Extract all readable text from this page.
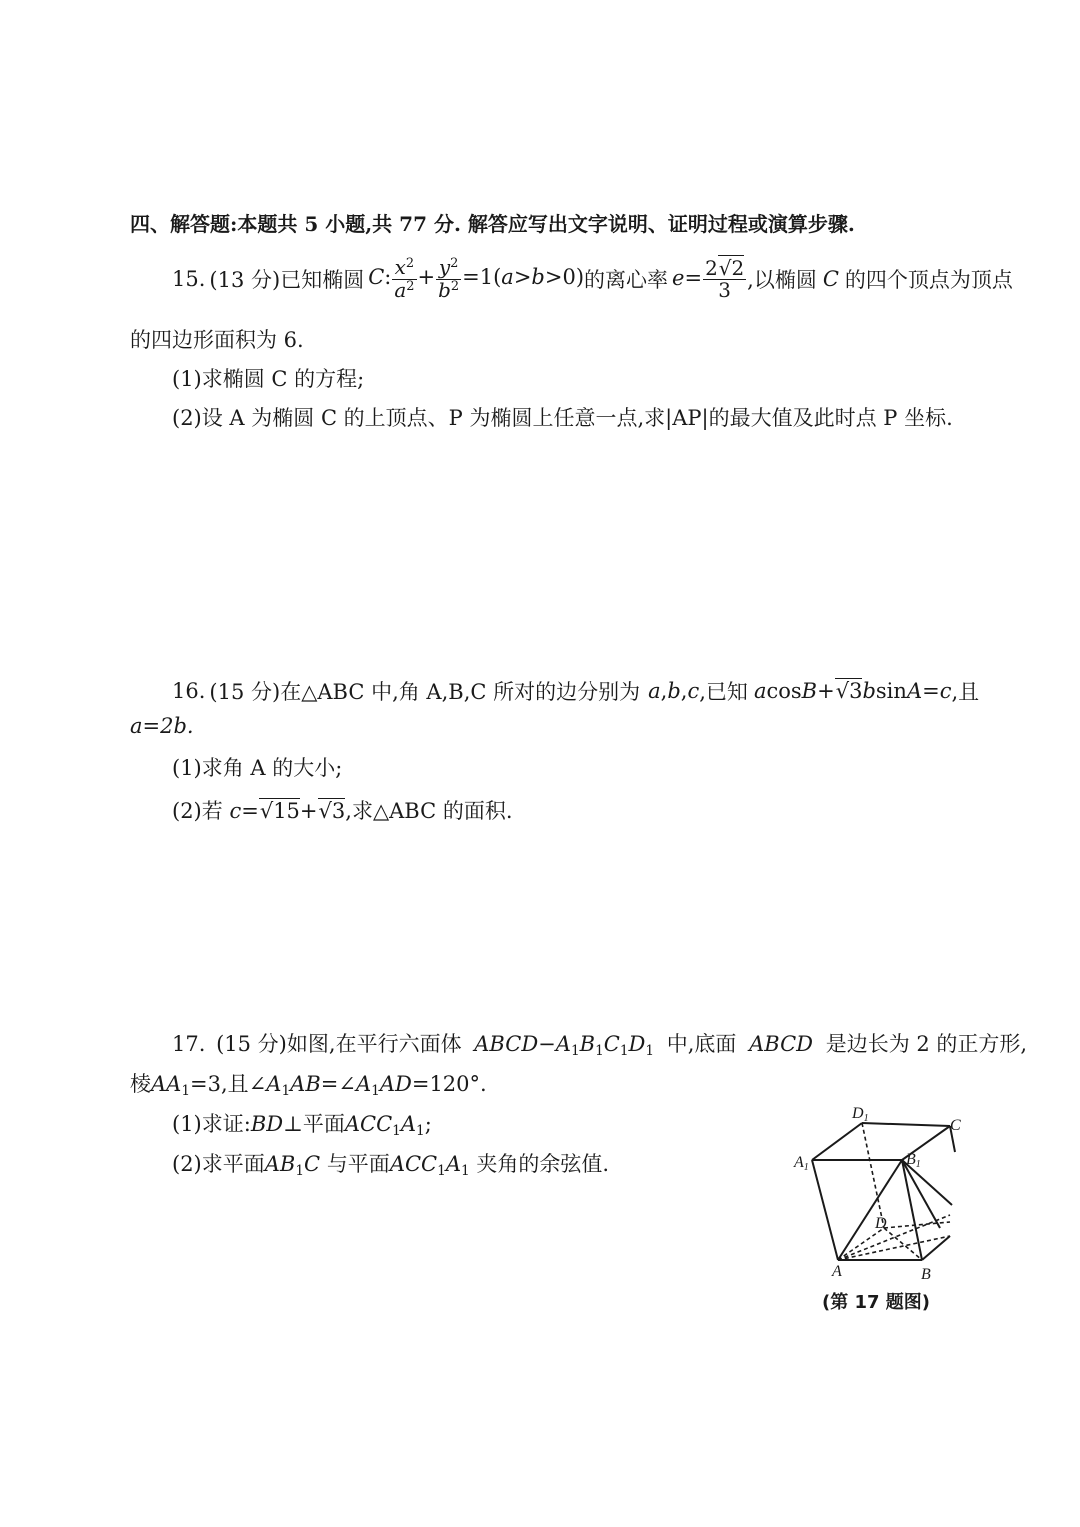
四、解答题:本题共 5 小题,共 77 分. 解答应写出文字说明、证明过程或演算步骤.
15. (13 分) 已知椭圆 C: $\frac{x^2}{a^2} + \frac{y^2}{b^2} =1(a>b>0)$ 的离心率 $e= \frac{2√2}{3}$ ,以椭圆 C 的四个顶点为顶点
的四边形面积为 6.
(1)求椭圆 C 的方程;
(2)设 A 为椭圆 C 的上顶点、P 为椭圆上任意一点,求|AP|的最大值及此时点 P 坐标.
16. (15 分) 在△ABC 中,角 A,B,C 所对的边分别为 a , b , c ,已知 acosB+√3bsinA=c ,且
a=2b.
(1)求角 A 的大小;
(2)若 c=√15+√3,求△ABC 的面积.
17. (15 分)如图,在平行六面体 $ABCD-A_1B_1C_1D_1$ 中,底面 ABCD 是边长为 2 的正方形,
棱$AA_1=3$,且$\angle A_1AB=\angle A_1AD=120^\circ$.
(1)求证:BD⊥平面$ACC_1A_1$;
(2)求平面$AB_1C$ 与平面$ACC_1A_1$ 夹角的余弦值.
D1	C
A1	B1
D
A	B
(第 17 题图)
